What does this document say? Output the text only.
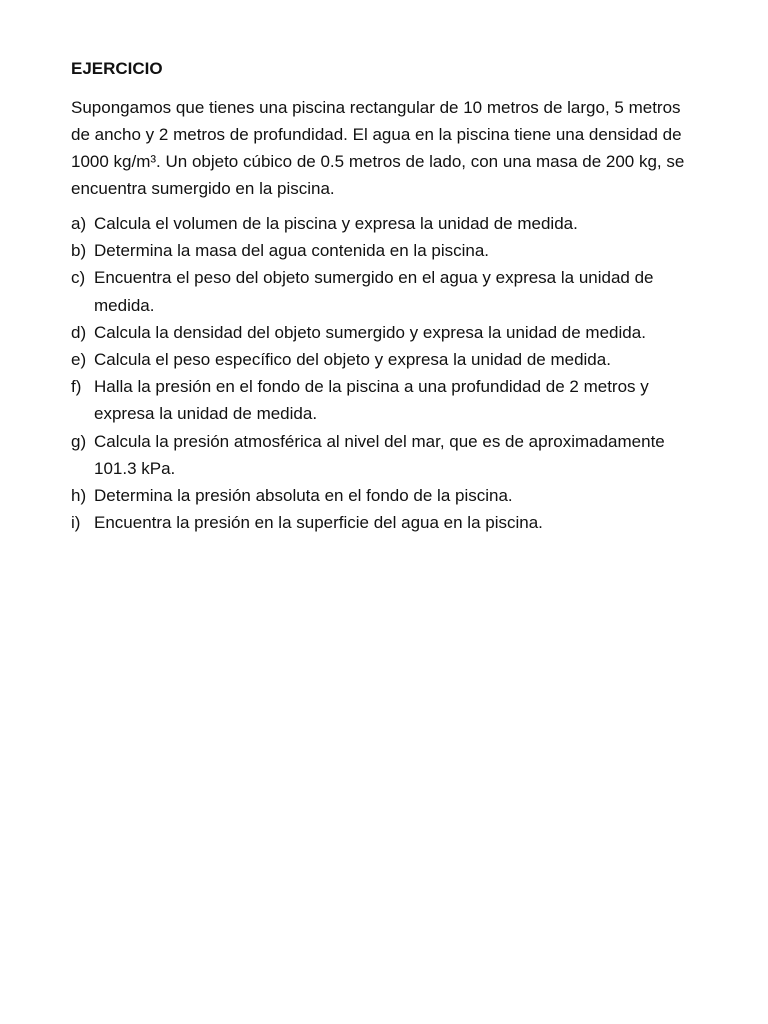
EJERCICIO

Supongamos que tienes una piscina rectangular de 10 metros de largo, 5 metros de ancho y 2 metros de profundidad. El agua en la piscina tiene una densidad de 1000 kg/m³. Un objeto cúbico de 0.5 metros de lado, con una masa de 200 kg, se encuentra sumergido en la piscina.

a) Calcula el volumen de la piscina y expresa la unidad de medida.
b) Determina la masa del agua contenida en la piscina.
c) Encuentra el peso del objeto sumergido en el agua y expresa la unidad de medida.
d) Calcula la densidad del objeto sumergido y expresa la unidad de medida.
e) Calcula el peso específico del objeto y expresa la unidad de medida.
f) Halla la presión en el fondo de la piscina a una profundidad de 2 metros y expresa la unidad de medida.
g) Calcula la presión atmosférica al nivel del mar, que es de aproximadamente 101.3 kPa.
h) Determina la presión absoluta en el fondo de la piscina.
i) Encuentra la presión en la superficie del agua en la piscina.
